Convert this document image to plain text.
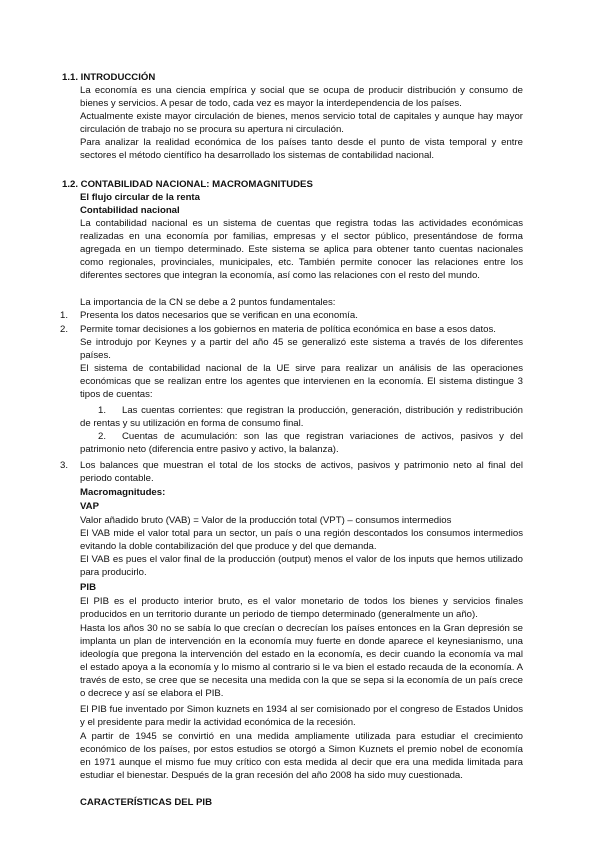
1.1. INTRODUCCIÓN

La economía es una ciencia empírica y social que se ocupa de producir distribución y consumo de bienes y servicios. A pesar de todo, cada vez es mayor la interdependencia de los países.

Actualmente existe mayor circulación de bienes, menos servicio total de capitales y aunque hay mayor circulación de trabajo no se procura su apertura ni circulación.

Para analizar la realidad económica de los países tanto desde el punto de vista temporal y entre sectores el método científico ha desarrollado los sistemas de contabilidad nacional.

1.2. CONTABILIDAD NACIONAL: MACROMAGNITUDES
El flujo circular de la renta
Contabilidad nacional

La contabilidad nacional es un sistema de cuentas que registra todas las actividades económicas realizadas en una economía por familias, empresas y el sector público, presentándose de forma agregada en un tiempo determinado. Este sistema se aplica para obtener tanto cuentas nacionales como regionales, provinciales, municipales, etc. También permite conocer las relaciones entre los diferentes sectores que integran la economía, así como las relaciones con el resto del mundo.

La importancia de la CN se debe a 2 puntos fundamentales:

1. Presenta los datos necesarios que se verifican en una economía.

2. Permite tomar decisiones a los gobiernos en materia de política económica en base a esos datos.

Se introdujo por Keynes y a partir del año 45 se generalizó este sistema a través de los diferentes países.

El sistema de contabilidad nacional de la UE sirve para realizar un análisis de las operaciones económicas que se realizan entre los agentes que intervienen en la economía. El sistema distingue 3 tipos de cuentas:

1.	Las cuentas corrientes: que registran la producción, generación, distribución y redistribución de rentas y su utilización en forma de consumo final.

2.	Cuentas de acumulación: son las que registran variaciones de activos, pasivos y del patrimonio neto (diferencia entre pasivo y activo, la balanza).

3. Los balances que muestran el total de los stocks de activos, pasivos y patrimonio neto al final del periodo contable.

Macromagnitudes:
VAP

Valor añadido bruto (VAB) = Valor de la producción total (VPT) – consumos intermedios

El VAB mide el valor total para un sector, un país o una región descontados los consumos intermedios evitando la doble contabilización del que produce y del que demanda.

El VAB es pues el valor final de la producción (output) menos el valor de los inputs que hemos utilizado para producirlo.

PIB

El PIB es el producto interior bruto, es el valor monetario de todos los bienes y servicios finales producidos en un territorio durante un periodo de tiempo determinado (generalmente un año).

Hasta los años 30 no se sabía lo que crecían o decrecían los países entonces en la Gran depresión se implanta un plan de intervención en la economía muy fuerte en donde aparece el keynesianismo, una ideología que pregona la intervención del estado en la economía, es decir cuando la economía va mal el estado apoya a la economía y lo mismo al contrario si le va bien el estado recauda de la economía. A través de esto, se cree que se necesita una medida con la que se sepa si la economía de un país crece o decrece y así se elabora el PIB.

El PIB fue inventado por Simon kuznets en 1934 al ser comisionado por el congreso de Estados Unidos y el presidente para medir la actividad económica de la recesión.

A partir de 1945 se convirtió en una medida ampliamente utilizada para estudiar el crecimiento económico de los países, por estos estudios se otorgó a Simon Kuznets el premio nobel de economía en 1971 aunque el mismo fue muy crítico con esta medida al decir que era una medida limitada para estudiar el bienestar. Después de la gran recesión del año 2008 ha sido muy cuestionada.

CARACTERÍSTICAS DEL PIB
